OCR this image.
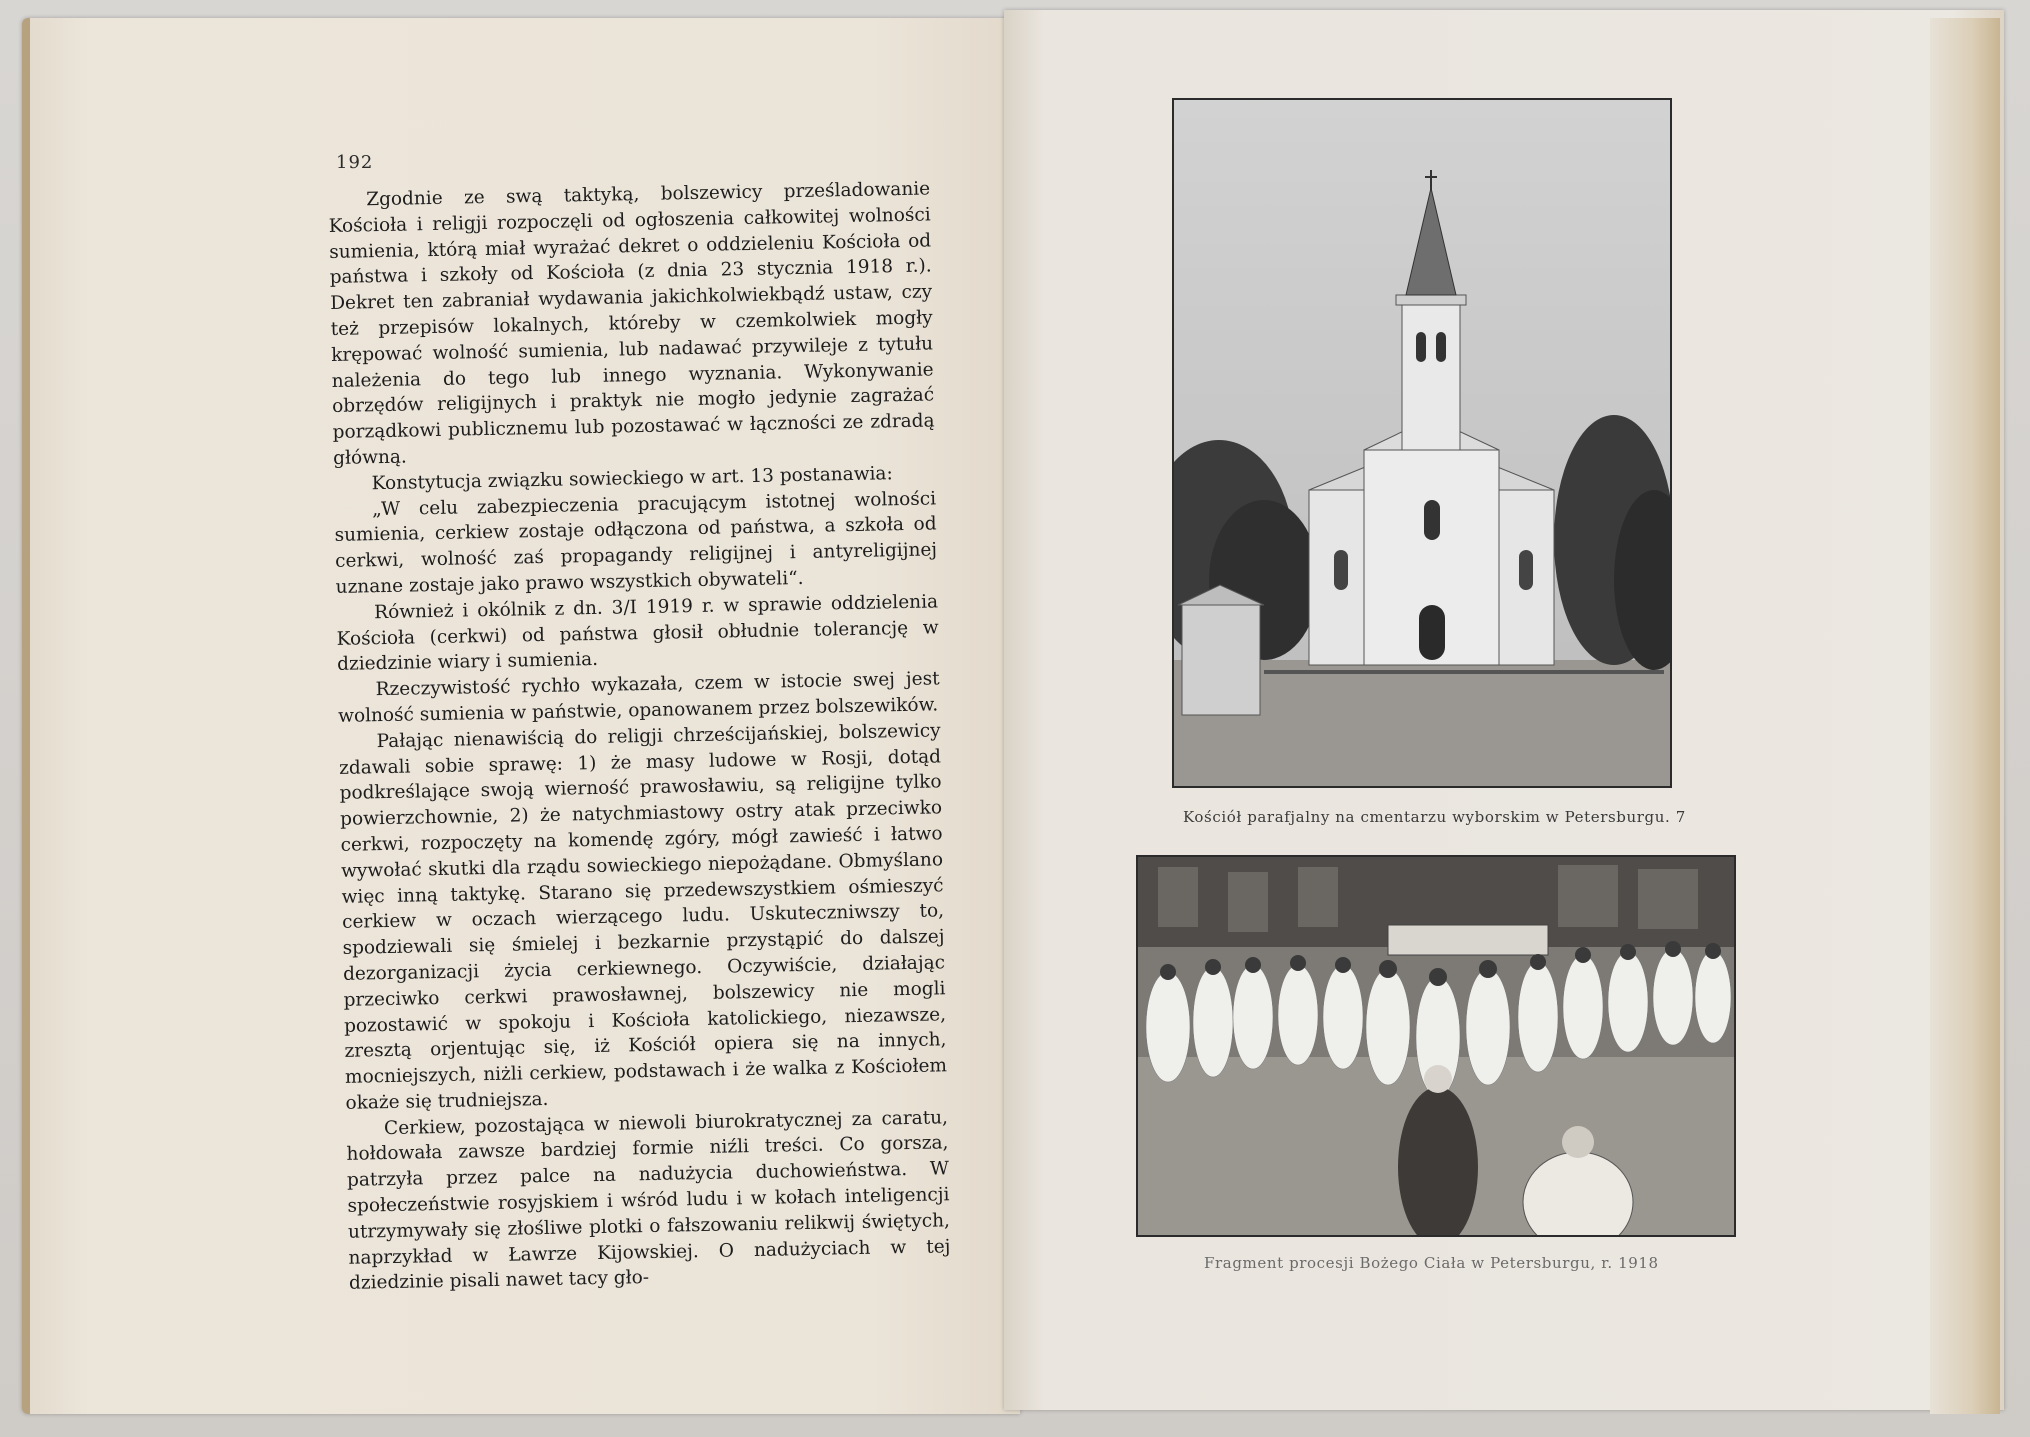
192

Zgodnie ze swą taktyką, bolszewicy prześladowanie Kościoła i religji rozpoczęli od ogłoszenia całkowitej wolności sumienia, którą miał wyrażać dekret o oddzieleniu Kościoła od państwa i szkoły od Kościoła (z dnia 23 stycznia 1918 r.). Dekret ten zabraniał wydawania jakichkolwiekbądź ustaw, czy też przepisów lokalnych, któreby w czemkolwiek mogły krępować wolność sumienia, lub nadawać przywileje z tytułu należenia do tego lub innego wyznania. Wykonywanie obrzędów religijnych i praktyk nie mogło jedynie zagrażać porządkowi publicznemu lub pozostawać w łączności ze zdradą główną.

Konstytucja związku sowieckiego w art. 13 postanawia:

„W celu zabezpieczenia pracującym istotnej wolności sumienia, cerkiew zostaje odłączona od państwa, a szkoła od cerkwi, wolność zaś propagandy religijnej i antyreligijnej uznane zostaje jako prawo wszystkich obywateli“.

Również i okólnik z dn. 3/I 1919 r. w sprawie oddzielenia Kościoła (cerkwi) od państwa głosił obłudnie tolerancję w dziedzinie wiary i sumienia.

Rzeczywistość rychło wykazała, czem w istocie swej jest wolność sumienia w państwie, opanowanem przez bolszewików.

Pałając nienawiścią do religji chrześcijańskiej, bolszewicy zdawali sobie sprawę: 1) że masy ludowe w Rosji, dotąd podkreślające swoją wierność prawosławiu, są religijne tylko powierzchownie, 2) że natychmiastowy ostry atak przeciwko cerkwi, rozpoczęty na komendę zgóry, mógł zawieść i łatwo wywołać skutki dla rządu sowieckiego niepożądane. Obmyślano więc inną taktykę. Starano się przedewszystkiem ośmieszyć cerkiew w oczach wierzącego ludu. Uskuteczniwszy to, spodziewali się śmielej i bezkarnie przystąpić do dalszej dezorganizacji życia cerkiewnego. Oczywiście, działając przeciwko cerkwi prawosławnej, bolszewicy nie mogli pozostawić w spokoju i Kościoła katolickiego, niezawsze, zresztą orjentując się, iż Kościół opiera się na innych, mocniejszych, niżli cerkiew, podstawach i że walka z Kościołem okaże się trudniejsza.

Cerkiew, pozostająca w niewoli biurokratycznej za caratu, hołdowała zawsze bardziej formie niźli treści. Co gorsza, patrzyła przez palce na nadużycia duchowieństwa. W społeczeństwie rosyjskiem i wśród ludu i w kołach inteligencji utrzymywały się złośliwe plotki o fałszowaniu relikwij świętych, naprzykład w Ławrze Kijowskiej. O nadużyciach w tej dziedzinie pisali nawet tacy gło-

Kościół parafjalny na cmentarzu wyborskim w Petersburgu. 7
Fragment procesji Bożego Ciała w Petersburgu, r. 1918
